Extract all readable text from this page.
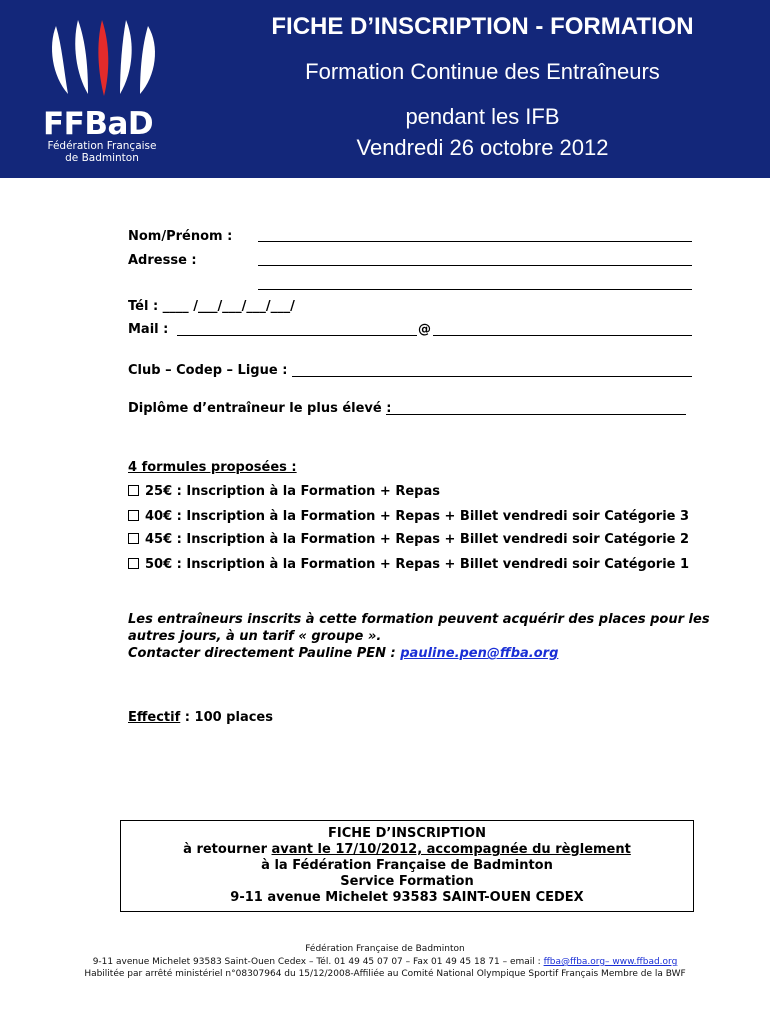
FFBaD
Fédération Française
de Badminton
FICHE D’INSCRIPTION - FORMATION
Formation Continue des Entraîneurs
pendant les IFB
Vendredi 26 octobre 2012
Nom/Prénom :
Adresse :
Tél : ____ /___/___/___/___/
Mail :	@
Club – Codep – Ligue :
Diplôme d’entraîneur le plus élevé :
4 formules proposées :
25€ : Inscription à la Formation + Repas
40€ : Inscription à la Formation + Repas + Billet vendredi soir Catégorie 3
45€ : Inscription à la Formation + Repas + Billet vendredi soir Catégorie 2
50€ : Inscription à la Formation + Repas + Billet vendredi soir Catégorie 1
Les entraîneurs inscrits à cette formation peuvent acquérir des places pour les
autres jours, à un tarif « groupe ».
Contacter directement Pauline PEN : pauline.pen@ffba.org
Effectif : 100 places
FICHE D’INSCRIPTION
à retourner avant le 17/10/2012, accompagnée du règlement
à la Fédération Française de Badminton
Service Formation
9-11 avenue Michelet 93583 SAINT-OUEN CEDEX
Fédération Française de Badminton
9-11 avenue Michelet 93583 Saint-Ouen Cedex – Tél. 01 49 45 07 07 – Fax 01 49 45 18 71 – email : ffba@ffba.org– www.ffbad.org
Habilitée par arrêté ministériel n°08307964 du 15/12/2008-Affiliée au Comité National Olympique Sportif Français Membre de la BWF
